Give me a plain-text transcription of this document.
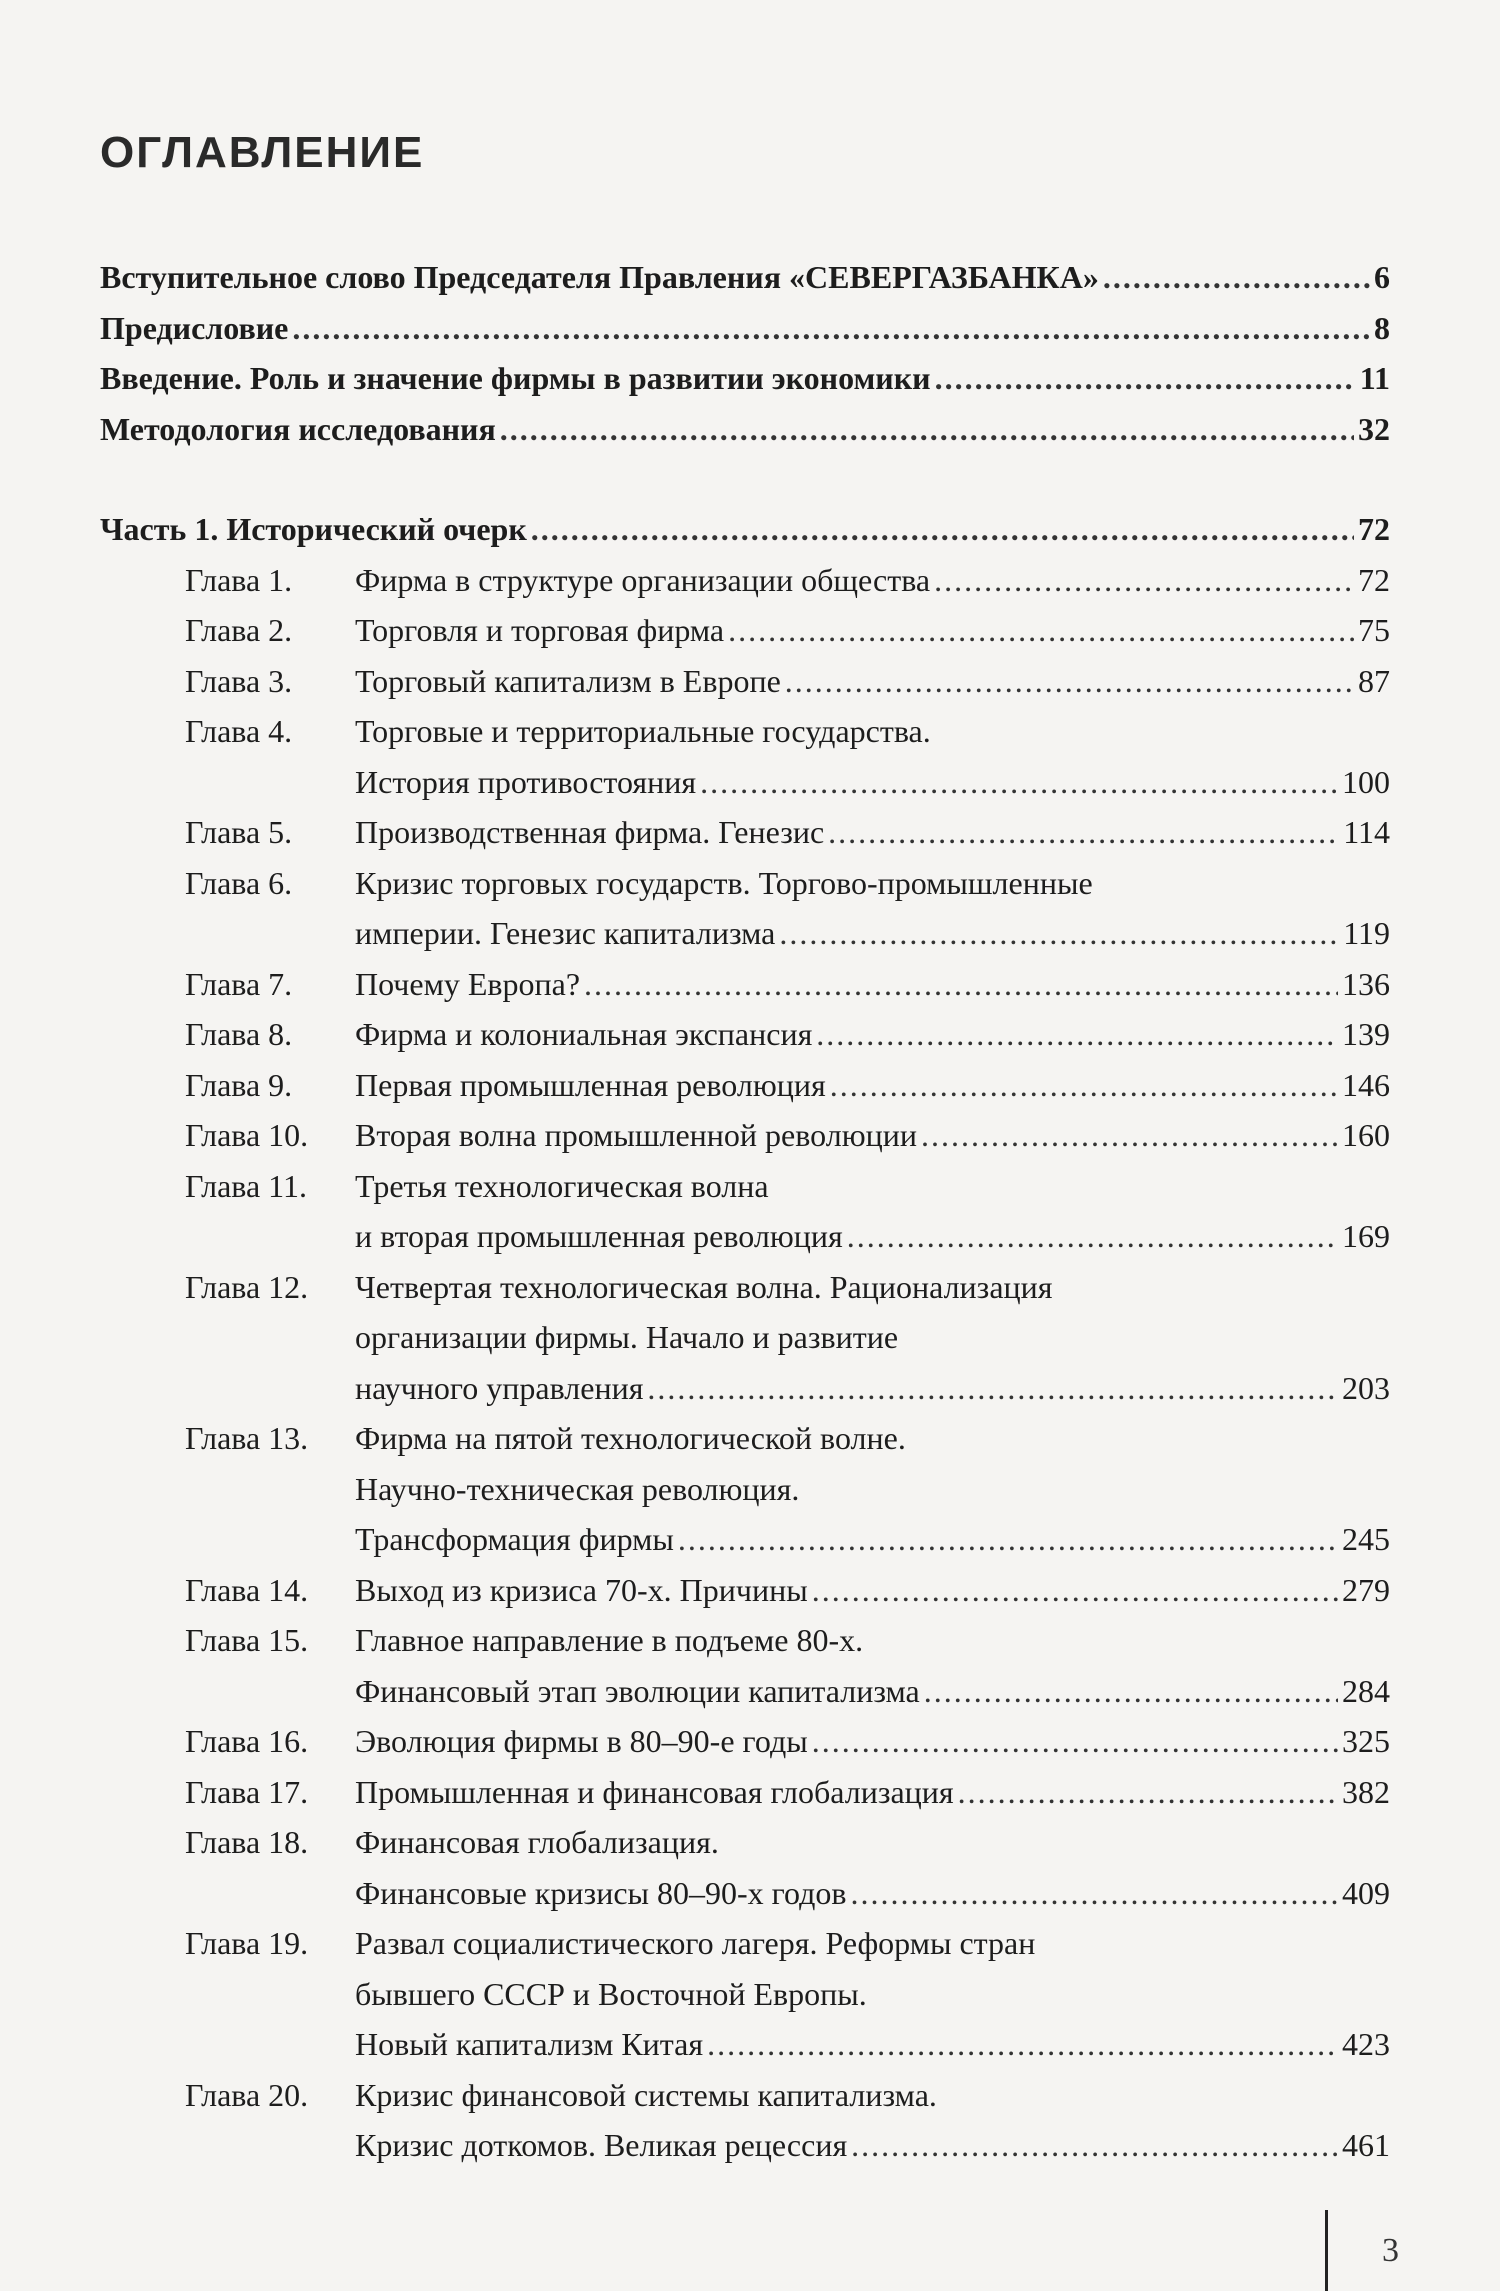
ОГЛАВЛЕНИЕ
Вступительное слово Председателя Правления «СЕВЕРГАЗБАНКА» .....	6
Предисловие .....	8
Введение. Роль и значение фирмы в развитии экономики .....	11
Методология исследования .....	32
Часть 1. Исторический очерк .....	72
Глава 1.	Фирма в структуре организации общества .....	72
Глава 2.	Торговля и торговая фирма .....	75
Глава 3.	Торговый капитализм в Европе .....	87
Глава 4.	Торговые и территориальные государства.
История противостояния .....	100
Глава 5.	Производственная фирма. Генезис .....	114
Глава 6.	Кризис торговых государств. Торгово-промышленные
империи. Генезис капитализма .....	119
Глава 7.	Почему Европа? .....	136
Глава 8.	Фирма и колониальная экспансия .....	139
Глава 9.	Первая промышленная революция .....	146
Глава 10.	Вторая волна промышленной революции .....	160
Глава 11.	Третья технологическая волна
и вторая промышленная революция .....	169
Глава 12.	Четвертая технологическая волна. Рационализация
организации фирмы. Начало и развитие
научного управления .....	203
Глава 13.	Фирма на пятой технологической волне.
Научно-техническая революция.
Трансформация фирмы .....	245
Глава 14.	Выход из кризиса 70-х. Причины .....	279
Глава 15.	Главное направление в подъеме 80-х.
Финансовый этап эволюции капитализма .....	284
Глава 16.	Эволюция фирмы в 80–90-е годы .....	325
Глава 17.	Промышленная и финансовая глобализация .....	382
Глава 18.	Финансовая глобализация.
Финансовые кризисы 80–90-х годов .....	409
Глава 19.	Развал социалистического лагеря. Реформы стран
бывшего СССР и Восточной Европы.
Новый капитализм Китая .....	423
Глава 20.	Кризис финансовой системы капитализма.
Кризис доткомов. Великая рецессия .....	461
3
